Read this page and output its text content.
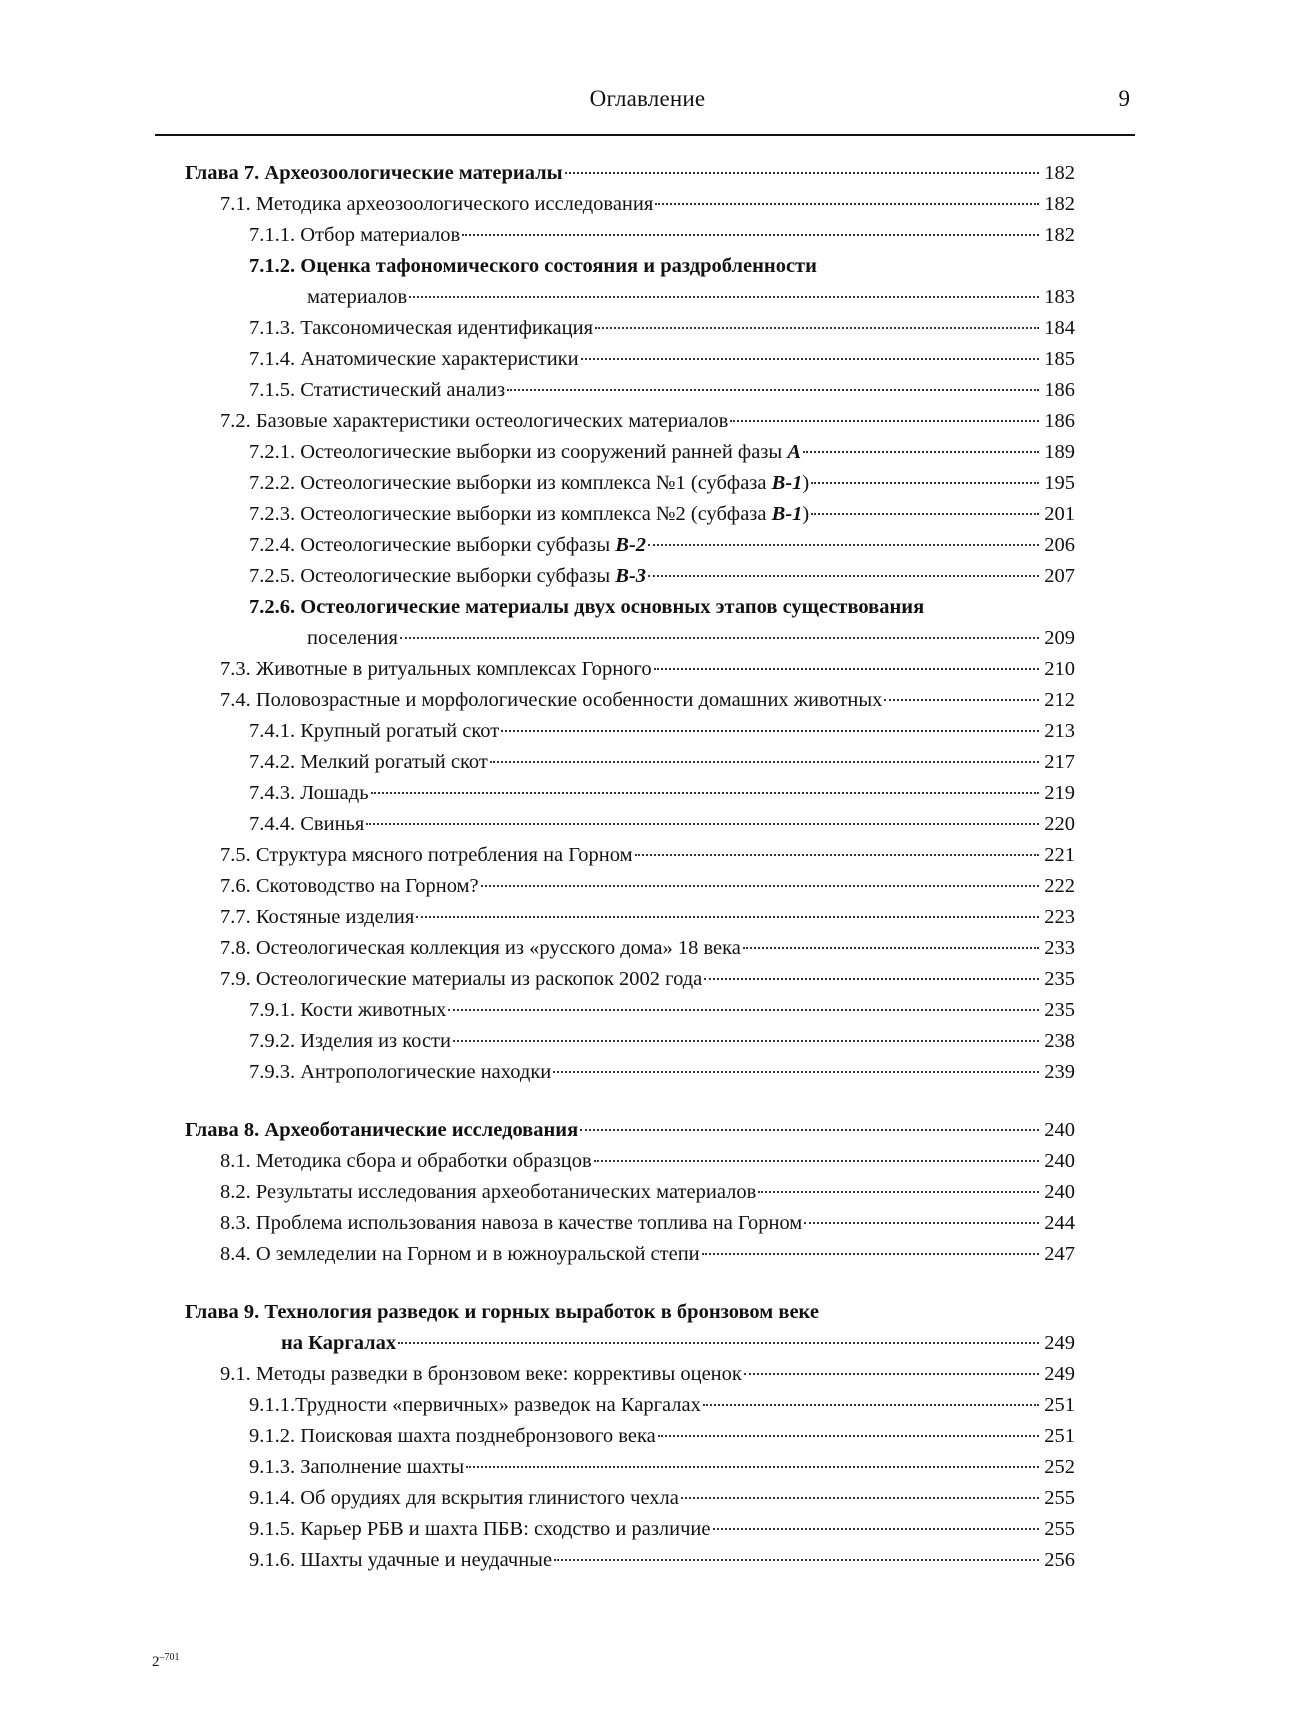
Оглавление	9
Глава 7. Археозоологические материалы	182
7.1. Методика археозоологического исследования	182
7.1.1. Отбор материалов	182
7.1.2. Оценка тафономического состояния и раздробленности
материалов	183
7.1.3. Таксономическая идентификация	184
7.1.4. Анатомические характеристики	185
7.1.5. Статистический анализ	186
7.2. Базовые характеристики остеологических материалов	186
7.2.1. Остеологические выборки из сооружений ранней фазы A	189
7.2.2. Остеологические выборки из комплекса №1 (субфаза B-1)	195
7.2.3. Остеологические выборки из комплекса №2 (субфаза B-1)	201
7.2.4. Остеологические выборки субфазы B-2	206
7.2.5. Остеологические выборки субфазы B-3	207
7.2.6. Остеологические материалы двух основных этапов существования
поселения	209
7.3. Животные в ритуальных комплексах Горного	210
7.4. Половозрастные и морфологические особенности домашних животных	212
7.4.1. Крупный рогатый скот	213
7.4.2. Мелкий рогатый скот	217
7.4.3. Лошадь	219
7.4.4. Свинья	220
7.5. Структура мясного потребления на Горном	221
7.6. Скотоводство на Горном?	222
7.7. Костяные изделия	223
7.8. Остеологическая коллекция из «русского дома» 18 века	233
7.9. Остеологические материалы из раскопок 2002 года	235
7.9.1. Кости животных	235
7.9.2. Изделия из кости	238
7.9.3. Антропологические находки	239
Глава 8. Археоботанические исследования	240
8.1. Методика сбора и обработки образцов	240
8.2. Результаты исследования археоботанических материалов	240
8.3. Проблема использования навоза в качестве топлива на Горном	244
8.4. О земледелии на Горном и в южноуральской степи	247
Глава 9. Технология разведок и горных выработок в бронзовом веке
на Каргалах	249
9.1. Методы разведки в бронзовом веке: коррективы оценок	249
9.1.1.Трудности «первичных» разведок на Каргалах	251
9.1.2. Поисковая шахта позднебронзового века	251
9.1.3. Заполнение шахты	252
9.1.4. Об орудиях для вскрытия глинистого чехла	255
9.1.5. Карьер РБВ и шахта ПБВ: сходство и различие	255
9.1.6. Шахты удачные и неудачные	256
$2^{-701}$
